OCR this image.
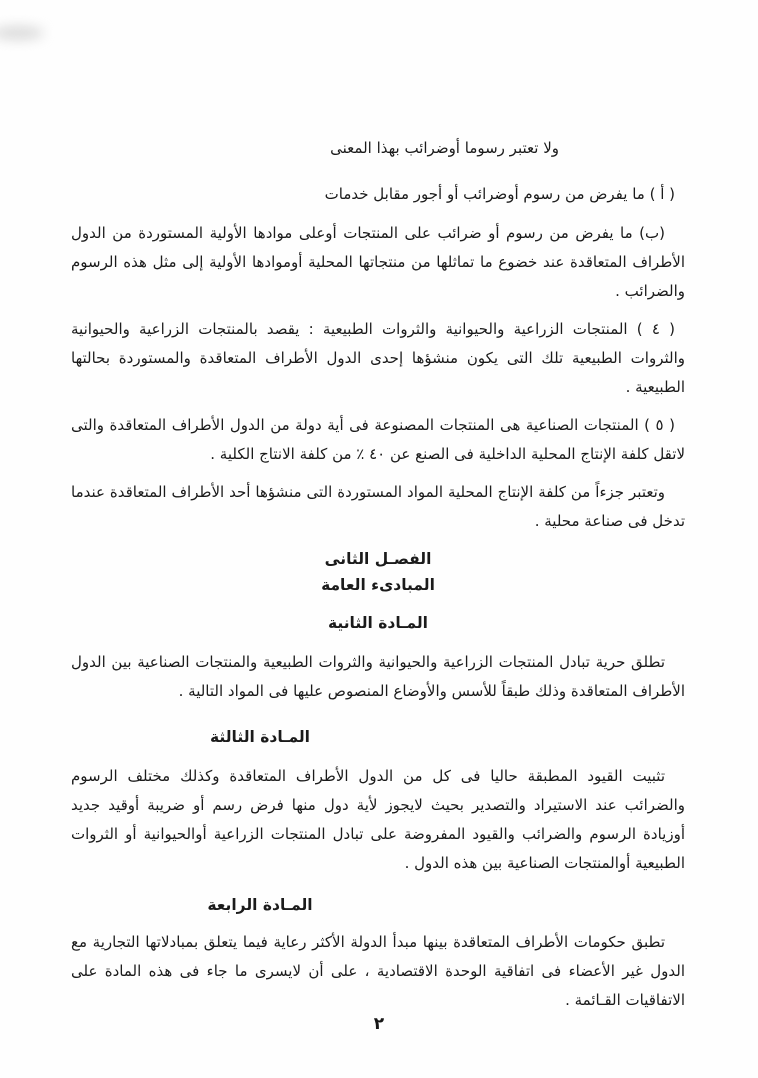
ولا تعتبر رسوما أوضرائب بهذا المعنى

( أ ) ما يفرض من رسوم أوضرائب أو أجور مقابل خدمات

(ب) ما يفرض من رسوم أو ضرائب على المنتجات أوعلى موادها الأولية المستوردة من الدول الأطراف المتعاقدة عند خضوع ما تماثلها من منتجاتها المحلية أوموادها الأولية إلى مثل هذه الرسوم والضرائب .

( ٤ ) المنتجات الزراعية والحيوانية والثروات الطبيعية : يقصد بالمنتجات الزراعية والحيوانية والثروات الطبيعية تلك التى يكون منشؤها إحدى الدول الأطراف المتعاقدة والمستوردة بحالتها الطبيعية .

( ٥ ) المنتجات الصناعية هى المنتجات المصنوعة فى أية دولة من الدول الأطراف المتعاقدة والتى لاتقل كلفة الإنتاج المحلية الداخلية فى الصنع عن ٤٠ ٪ من كلفة الانتاج الكلية .

وتعتبر جزءاً من كلفة الإنتاج المحلية المواد المستوردة التى منشؤها أحد الأطراف المتعاقدة عندما تدخل فى صناعة محلية .

الفصـل الثانى
المبادىء العامة
المـادة الثانية

تطلق حرية تبادل المنتجات الزراعية والحيوانية والثروات الطبيعية والمنتجات الصناعية بين الدول الأطراف المتعاقدة وذلك طبقاً للأسس والأوضاع المنصوص عليها فى المواد التالية .

المـادة الثالثة

تثبيت القيود المطبقة حاليا فى كل من الدول الأطراف المتعاقدة وكذلك مختلف الرسوم والضرائب عند الاستيراد والتصدير بحيث لايجوز لأية دول منها فرض رسم أو ضريبة أوقيد جديد أوزيادة الرسوم والضرائب والقيود المفروضة على تبادل المنتجات الزراعية أوالحيوانية أو الثروات الطبيعية أوالمنتجات الصناعية بين هذه الدول .

المـادة الرابعة

تطبق حكومات الأطراف المتعاقدة بينها مبدأ الدولة الأكثر رعاية فيما يتعلق بمبادلاتها التجارية مع الدول غير الأعضاء فى اتفاقية الوحدة الاقتصادية ، على أن لايسرى ما جاء فى هذه المادة على الاتفاقيات القـائمة .

٢
